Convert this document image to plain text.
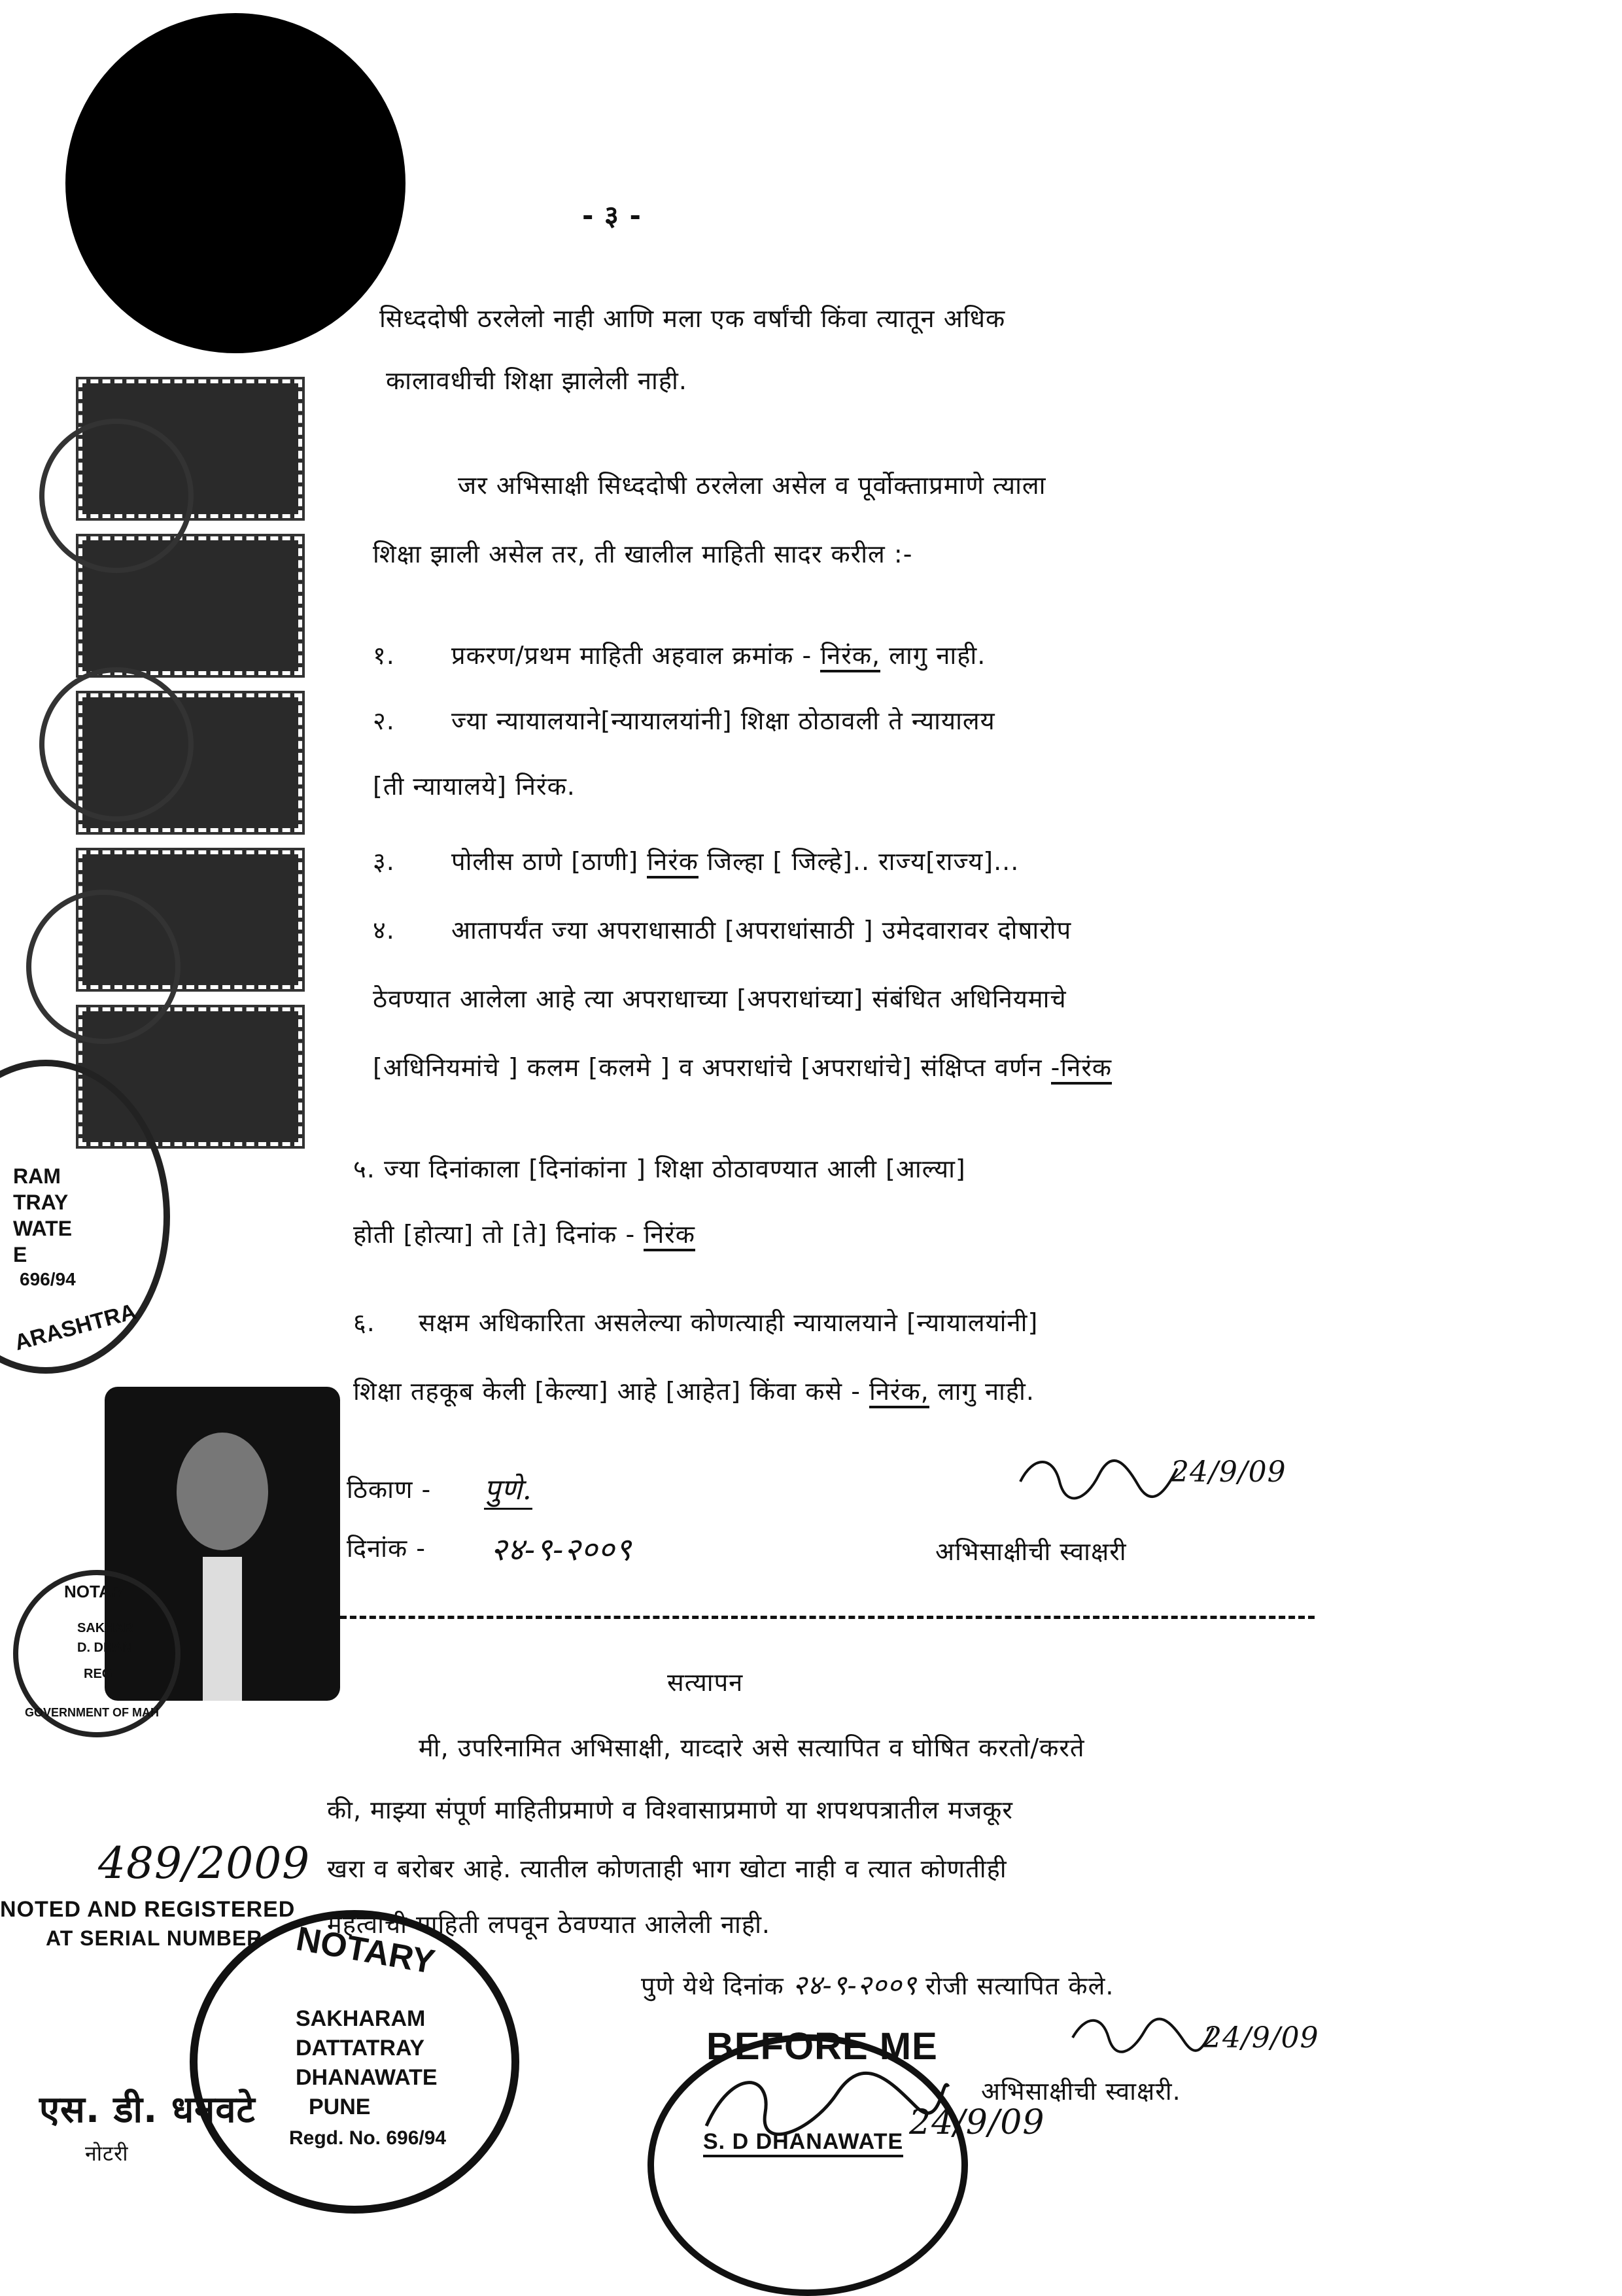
- ३ -
RAM
TRAY
WATE
E
696/94
ARASHTRA
NOTAR
SAKHAR
D. DHAN
REG
GOVERNMENT OF MAH
सिध्ददोषी ठरलेलो नाही आणि मला एक वर्षांची किंवा त्यातून अधिक
कालावधीची शिक्षा झालेली नाही.
जर अभिसाक्षी सिध्ददोषी ठरलेला असेल व पूर्वोक्ताप्रमाणे त्याला
शिक्षा झाली असेल तर, ती खालील माहिती सादर करील :-
१. प्रकरण/प्रथम माहिती अहवाल क्रमांक - निरंक, लागु नाही.
२. ज्या न्यायालयाने[न्यायालयांनी] शिक्षा ठोठावली ते न्यायालय
[ती न्यायालये] निरंक.
३. पोलीस ठाणे [ठाणी] निरंक जिल्हा [ जिल्हे].. राज्य[राज्य]...
४. आतापर्यंत ज्या अपराधासाठी [अपराधांसाठी ] उमेदवारावर दोषारोप
ठेवण्यात आलेला आहे त्या अपराधाच्या [अपराधांच्या] संबंधित अधिनियमाचे
[अधिनियमांचे ] कलम [कलमे ] व अपराधांचे [अपराधांचे] संक्षिप्त वर्णन -निरंक
५. ज्या दिनांकाला [दिनांकांना ] शिक्षा ठोठावण्यात आली [आल्या]
होती [होत्या] तो [ते] दिनांक - निरंक
६. सक्षम अधिकारिता असलेल्या कोणत्याही न्यायालयाने [न्यायालयांनी]
शिक्षा तहकूब केली [केल्या] आहे [आहेत] किंवा कसे - निरंक, लागु नाही.
ठिकाण - पुणे.
दिनांक - २४-९-२००९
24/9/09
अभिसाक्षीची स्वाक्षरी
सत्यापन
मी, उपरिनामित अभिसाक्षी, याव्दारे असे सत्यापित व घोषित करतो/करते
की, माझ्या संपूर्ण माहितीप्रमाणे व विश्वासाप्रमाणे या शपथपत्रातील मजकूर
खरा व बरोबर आहे. त्यातील कोणताही भाग खोटा नाही व त्यात कोणतीही
महत्वाची माहिती लपवून ठेवण्यात आलेली नाही.
पुणे येथे दिनांक २४-९-२००९ रोजी सत्यापित केले.
489/2009
NOTED AND REGISTERED
AT SERIAL NUMBER NOTARY
SAKHARAM
DATTATRAY
DHANAWATE
PUNE
Regd. No. 696/94
एस. डी. धनवटे
नोटरी
BEFORE ME
S. D DHANAWATE 24/9/09
24/9/09
अभिसाक्षीची स्वाक्षरी.
